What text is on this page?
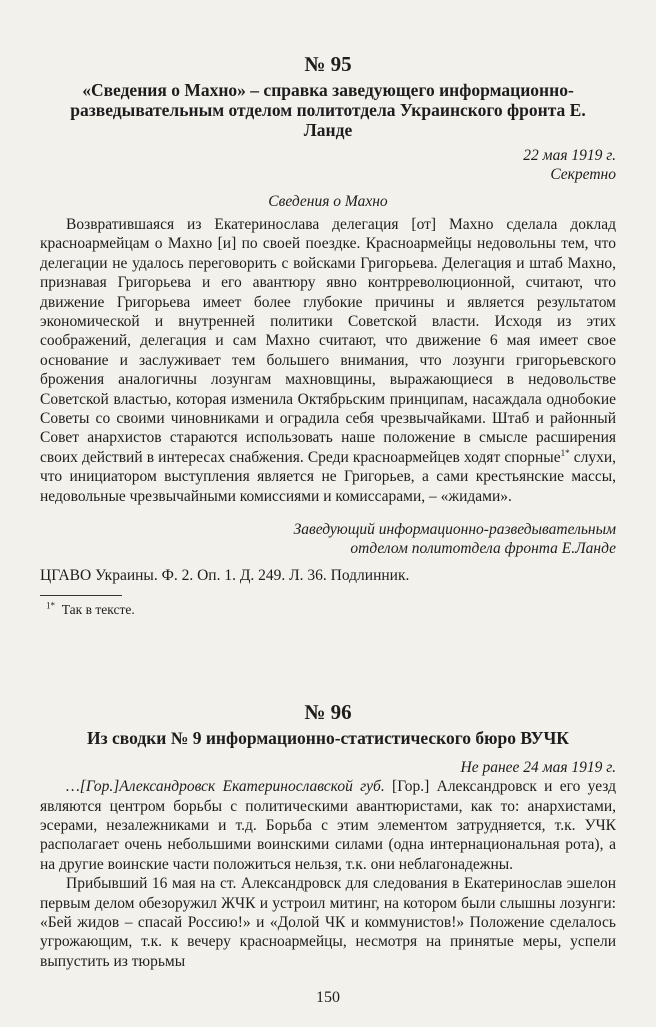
№ 95
«Сведения о Махно» – справка заведующего информационно-разведывательным отделом политотдела Украинского фронта Е. Ланде
22 мая 1919 г.
Секретно
Сведения о Махно

Возвратившаяся из Екатеринослава делегация [от] Махно сделала доклад красноармейцам о Махно [и] по своей поездке. Красноармейцы недовольны тем, что делегации не удалось переговорить с войсками Григорьева. Делегация и штаб Махно, признавая Григорьева и его авантюру явно контрреволюционной, считают, что движение Григорьева имеет более глубокие причины и является результатом экономической и внутренней политики Советской власти. Исходя из этих соображений, делегация и сам Махно считают, что движение 6 мая имеет свое основание и заслуживает тем большего внимания, что лозунги григорьевского брожения аналогичны лозунгам махновщины, выражающиеся в недовольстве Советской властью, которая изменила Октябрьским принципам, насаждала однобокие Советы со своими чиновниками и оградила себя чрезвычайками. Штаб и районный Совет анархистов стараются использовать наше положение в смысле расширения своих действий в интересах снабжения. Среди красноармейцев ходят спорные$^{1*}$ слухи, что инициатором выступления является не Григорьев, а сами крестьянские массы, недовольные чрезвычайными комиссиями и комиссарами, – «жидами».

Заведующий информационно-разведывательным
отделом политотдела фронта Е.Ланде
ЦГАВО Украины. Ф. 2. Оп. 1. Д. 249. Л. 36. Подлинник.
$^{1*}$ Так в тексте.
№ 96
Из сводки № 9 информационно-статистического бюро ВУЧК
Не ранее 24 мая 1919 г.

…[Гор.]Александровск Екатеринославской губ. [Гор.] Александровск и его уезд являются центром борьбы с политическими авантюристами, как то: анархистами, эсерами, незалежниками и т.д. Борьба с этим элементом затрудняется, т.к. УЧК располагает очень небольшими воинскими силами (одна интернациональная рота), а на другие воинские части положиться нельзя, т.к. они неблагонадежны.

Прибывший 16 мая на ст. Александровск для следования в Екатеринослав эшелон первым делом обезоружил ЖЧК и устроил митинг, на котором были слышны лозунги: «Бей жидов – спасай Россию!» и «Долой ЧК и коммунистов!» Положение сделалось угрожающим, т.к. к вечеру красноармейцы, несмотря на принятые меры, успели выпустить из тюрьмы

150
